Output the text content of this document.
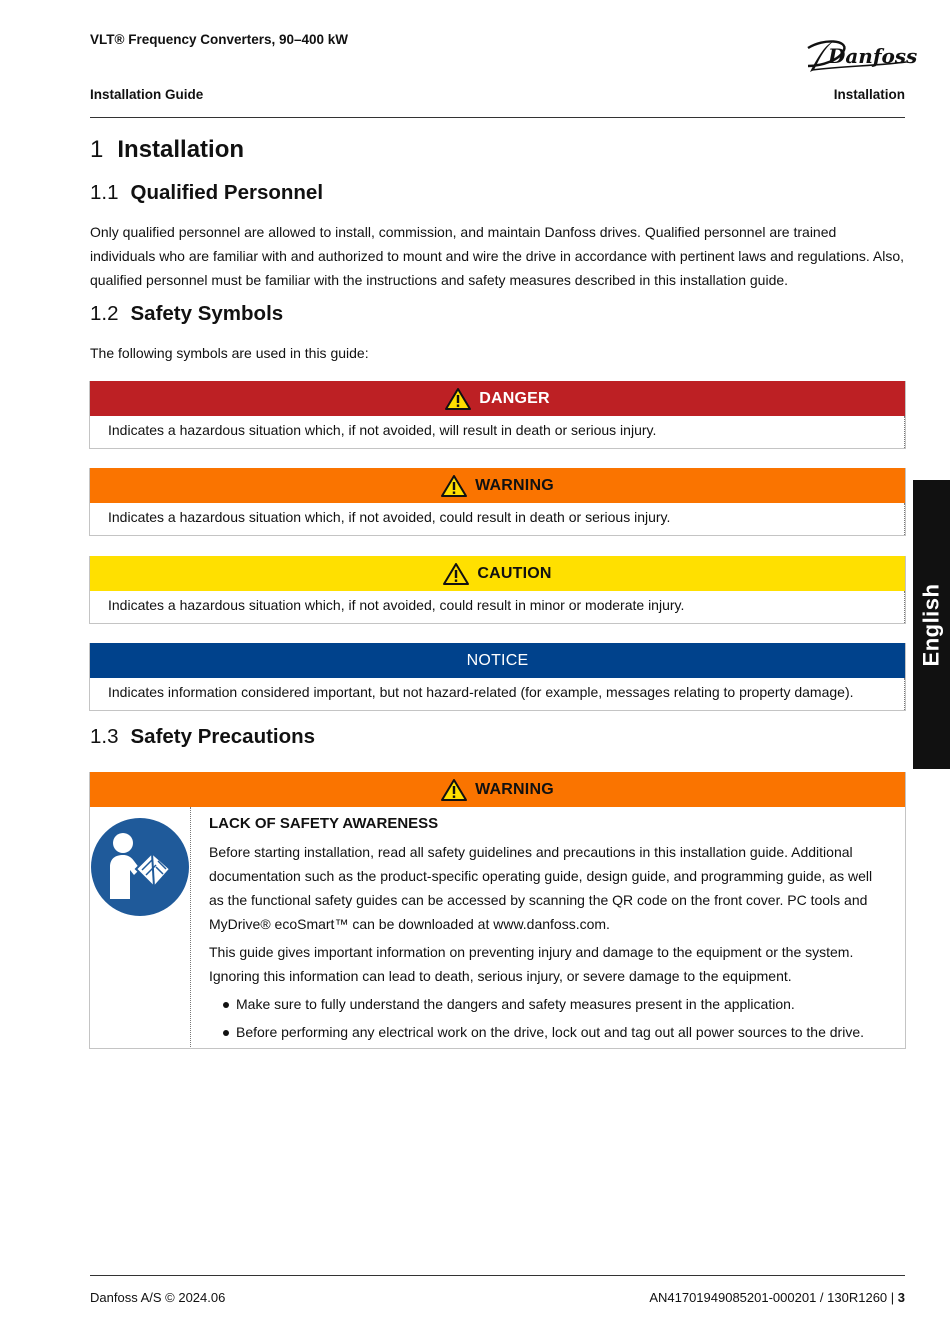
VLT® Frequency Converters, 90–400 kW
Installation Guide	Installation
Danfoss
1 Installation
1.1 Qualified Personnel
Only qualified personnel are allowed to install, commission, and maintain Danfoss drives. Qualified personnel are trained individuals who are familiar with and authorized to mount and wire the drive in accordance with pertinent laws and regulations. Also, qualified personnel must be familiar with the instructions and safety measures described in this installation guide.
1.2 Safety Symbols
The following symbols are used in this guide:
DANGER
Indicates a hazardous situation which, if not avoided, will result in death or serious injury.
WARNING
Indicates a hazardous situation which, if not avoided, could result in death or serious injury.
CAUTION
Indicates a hazardous situation which, if not avoided, could result in minor or moderate injury.
NOTICE
Indicates information considered important, but not hazard-related (for example, messages relating to property damage).
1.3 Safety Precautions
WARNING
LACK OF SAFETY AWARENESS

Before starting installation, read all safety guidelines and precautions in this installation guide. Additional documentation such as the product-specific operating guide, design guide, and programming guide, as well as the functional safety guides can be accessed by scanning the QR code on the front cover. PC tools and MyDrive® ecoSmart™ can be downloaded at www.danfoss.com.

This guide gives important information on preventing injury and damage to the equipment or the system. Ignoring this information can lead to death, serious injury, or severe damage to the equipment.

Make sure to fully understand the dangers and safety measures present in the application.
Before performing any electrical work on the drive, lock out and tag out all power sources to the drive.
English
Danfoss A/S © 2024.06	AN41701949085201-000201 / 130R1260 | 3
